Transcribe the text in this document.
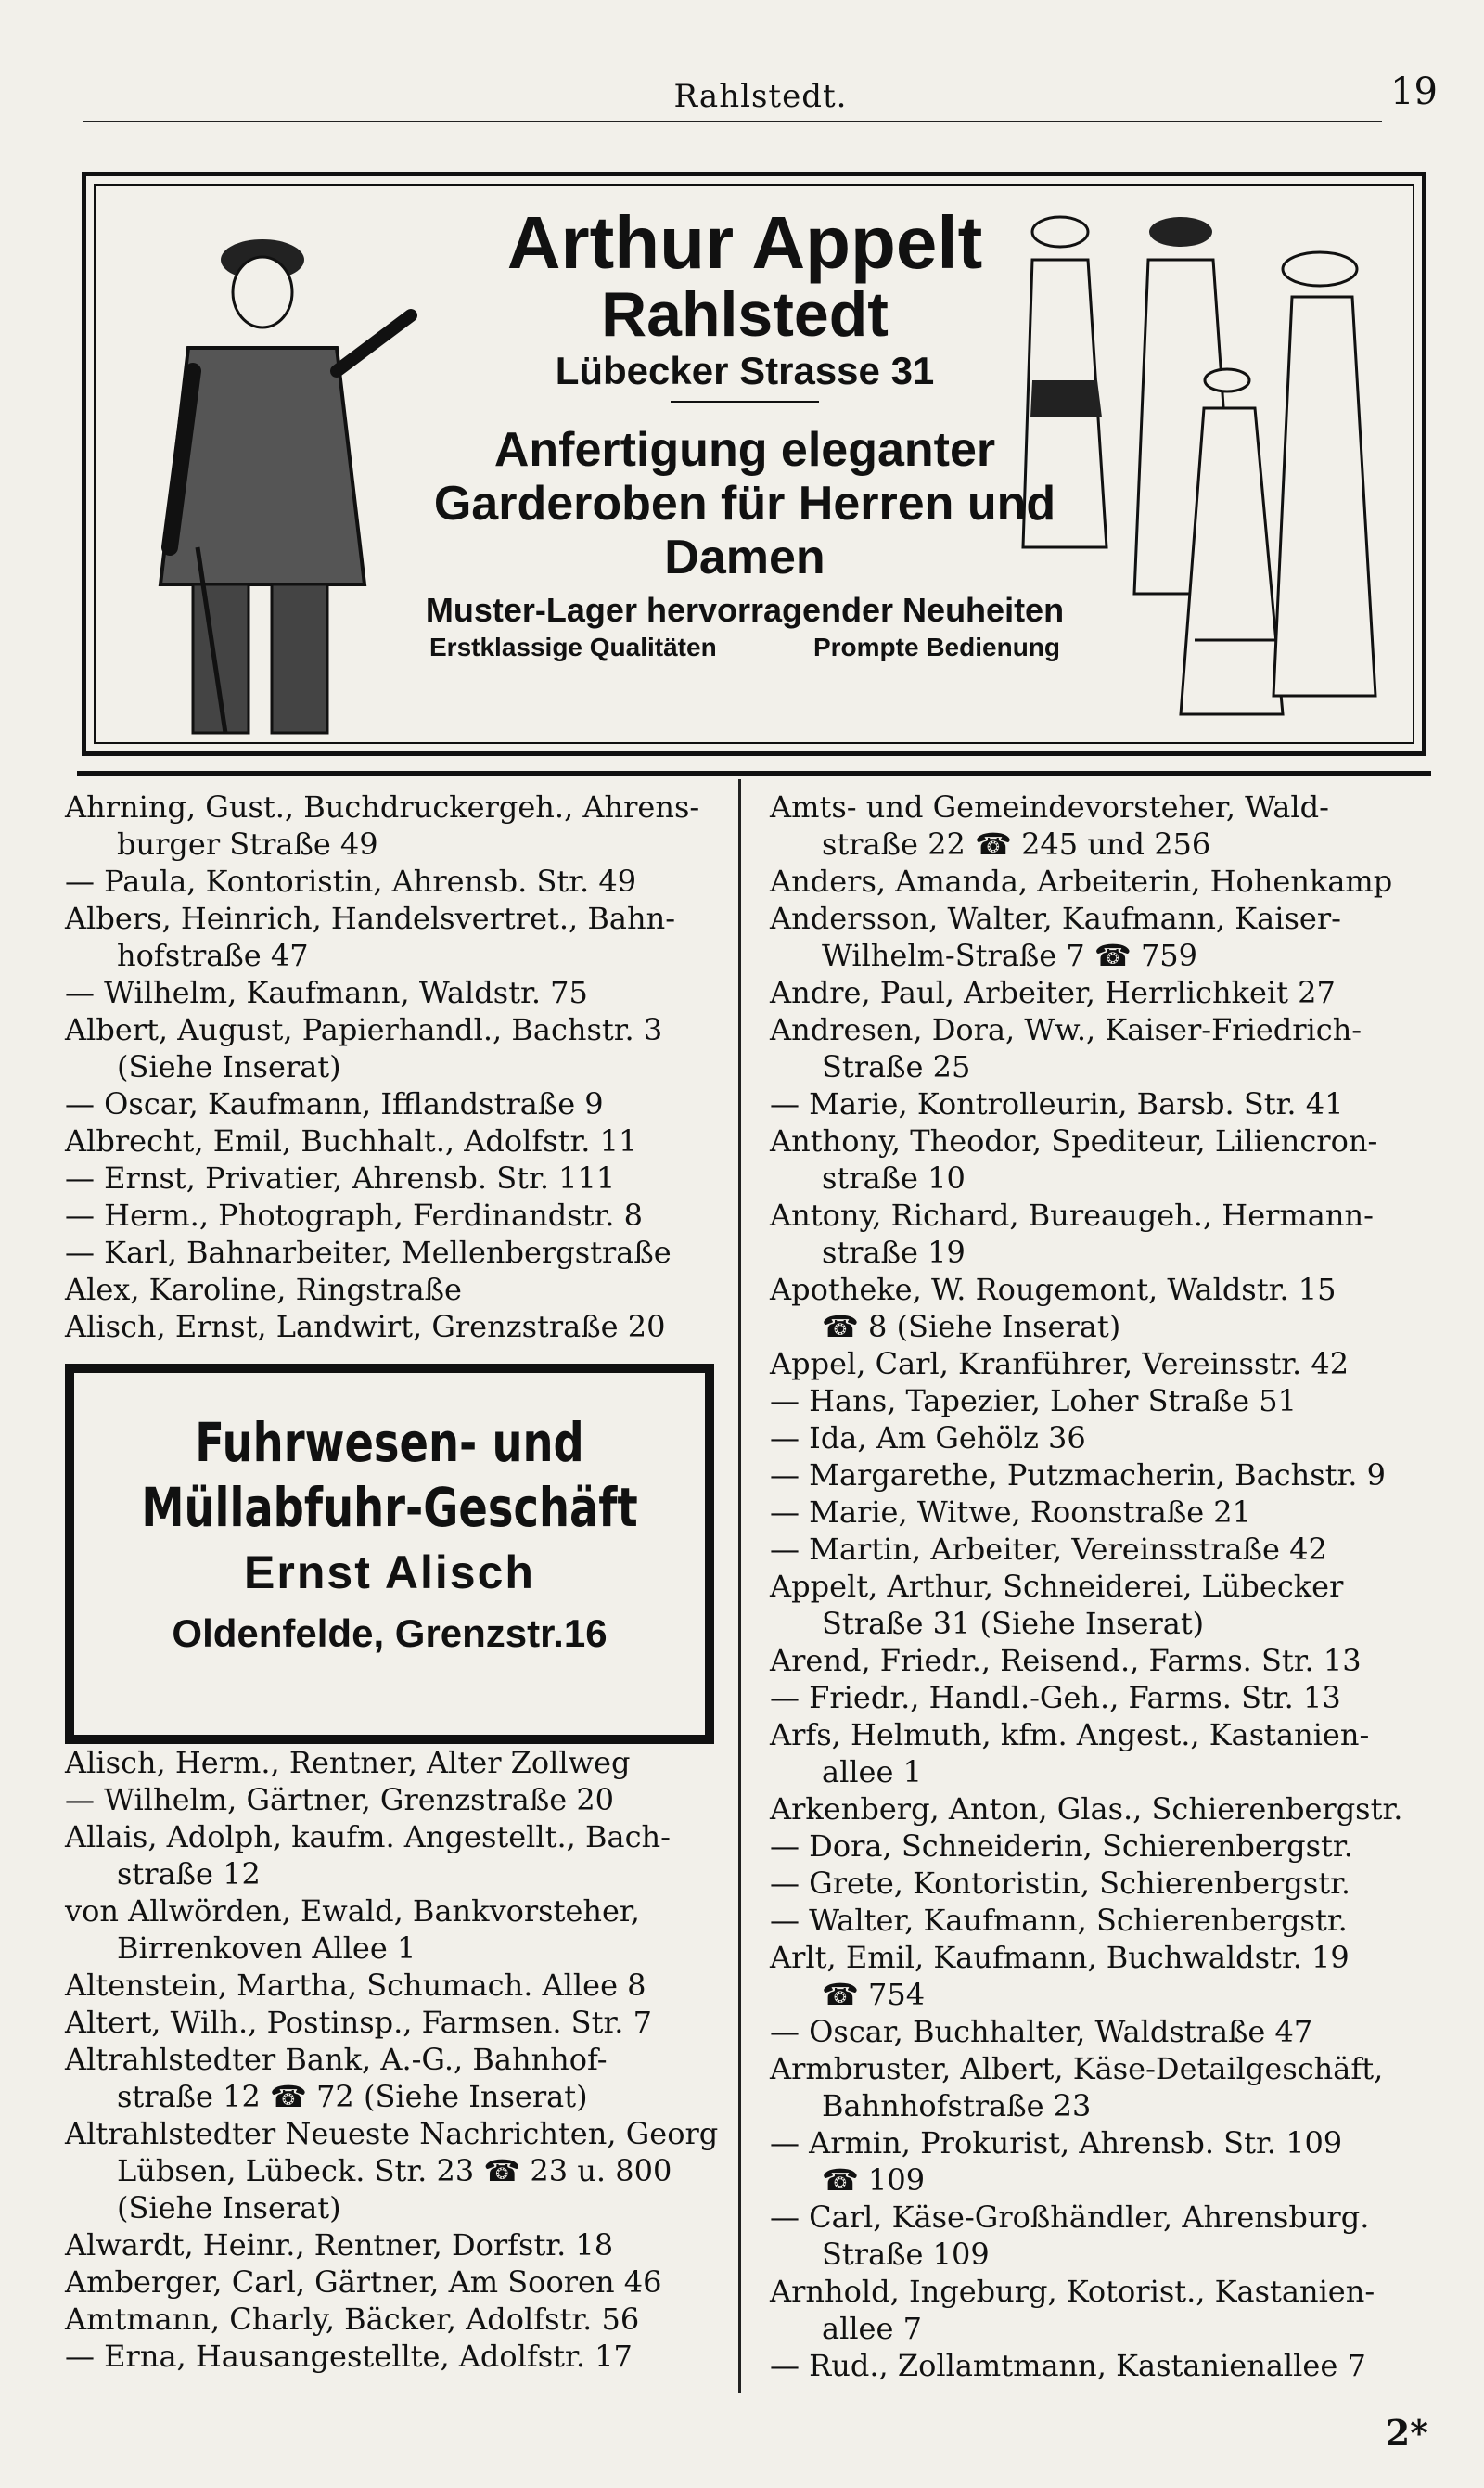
Rahlstedt.	19
Arthur Appelt
Rahlstedt
Lübecker Strasse 31
Anfertigung eleganter
Garderoben für Herren und
Damen
Muster-Lager hervorragender Neuheiten
Erstklassige Qualitäten	Prompte Bedienung
Ahrning, Gust., Buchdruckergeh., Ahrens-
burger Straße 49
— Paula, Kontoristin, Ahrensb. Str. 49
Albers, Heinrich, Handelsvertret., Bahn-
hofstraße 47
— Wilhelm, Kaufmann, Waldstr. 75
Albert, August, Papierhandl., Bachstr. 3
(Siehe Inserat)
— Oscar, Kaufmann, Ifflandstraße 9
Albrecht, Emil, Buchhalt., Adolfstr. 11
— Ernst, Privatier, Ahrensb. Str. 111
— Herm., Photograph, Ferdinandstr. 8
— Karl, Bahnarbeiter, Mellenbergstraße
Alex, Karoline, Ringstraße
Alisch, Ernst, Landwirt, Grenzstraße 20
Fuhrwesen- und
Müllabfuhr-Geschäft
Ernst Alisch
Oldenfelde, Grenzstr.16
Alisch, Herm., Rentner, Alter Zollweg
— Wilhelm, Gärtner, Grenzstraße 20
Allais, Adolph, kaufm. Angestellt., Bach-
straße 12
von Allwörden, Ewald, Bankvorsteher,
Birrenkoven Allee 1
Altenstein, Martha, Schumach. Allee 8
Altert, Wilh., Postinsp., Farmsen. Str. 7
Altrahlstedter Bank, A.-G., Bahnhof-
straße 12 ☎ 72 (Siehe Inserat)
Altrahlstedter Neueste Nachrichten, Georg
Lübsen, Lübeck. Str. 23 ☎ 23 u. 800
(Siehe Inserat)
Alwardt, Heinr., Rentner, Dorfstr. 18
Amberger, Carl, Gärtner, Am Sooren 46
Amtmann, Charly, Bäcker, Adolfstr. 56
— Erna, Hausangestellte, Adolfstr. 17
Amts- und Gemeindevorsteher, Wald-
straße 22 ☎ 245 und 256
Anders, Amanda, Arbeiterin, Hohenkamp
Andersson, Walter, Kaufmann, Kaiser-
Wilhelm-Straße 7 ☎ 759
Andre, Paul, Arbeiter, Herrlichkeit 27
Andresen, Dora, Ww., Kaiser-Friedrich-
Straße 25
— Marie, Kontrolleurin, Barsb. Str. 41
Anthony, Theodor, Spediteur, Liliencron-
straße 10
Antony, Richard, Bureaugeh., Hermann-
straße 19
Apotheke, W. Rougemont, Waldstr. 15
☎ 8 (Siehe Inserat)
Appel, Carl, Kranführer, Vereinsstr. 42
— Hans, Tapezier, Loher Straße 51
— Ida, Am Gehölz 36
— Margarethe, Putzmacherin, Bachstr. 9
— Marie, Witwe, Roonstraße 21
— Martin, Arbeiter, Vereinsstraße 42
Appelt, Arthur, Schneiderei, Lübecker
Straße 31 (Siehe Inserat)
Arend, Friedr., Reisend., Farms. Str. 13
— Friedr., Handl.-Geh., Farms. Str. 13
Arfs, Helmuth, kfm. Angest., Kastanien-
allee 1
Arkenberg, Anton, Glas., Schierenbergstr.
— Dora, Schneiderin, Schierenbergstr.
— Grete, Kontoristin, Schierenbergstr.
— Walter, Kaufmann, Schierenbergstr.
Arlt, Emil, Kaufmann, Buchwaldstr. 19
☎ 754
— Oscar, Buchhalter, Waldstraße 47
Armbruster, Albert, Käse-Detailgeschäft,
Bahnhofstraße 23
— Armin, Prokurist, Ahrensb. Str. 109
☎ 109
— Carl, Käse-Großhändler, Ahrensburg.
Straße 109
Arnhold, Ingeburg, Kotorist., Kastanien-
allee 7
— Rud., Zollamtmann, Kastanienallee 7
2*
